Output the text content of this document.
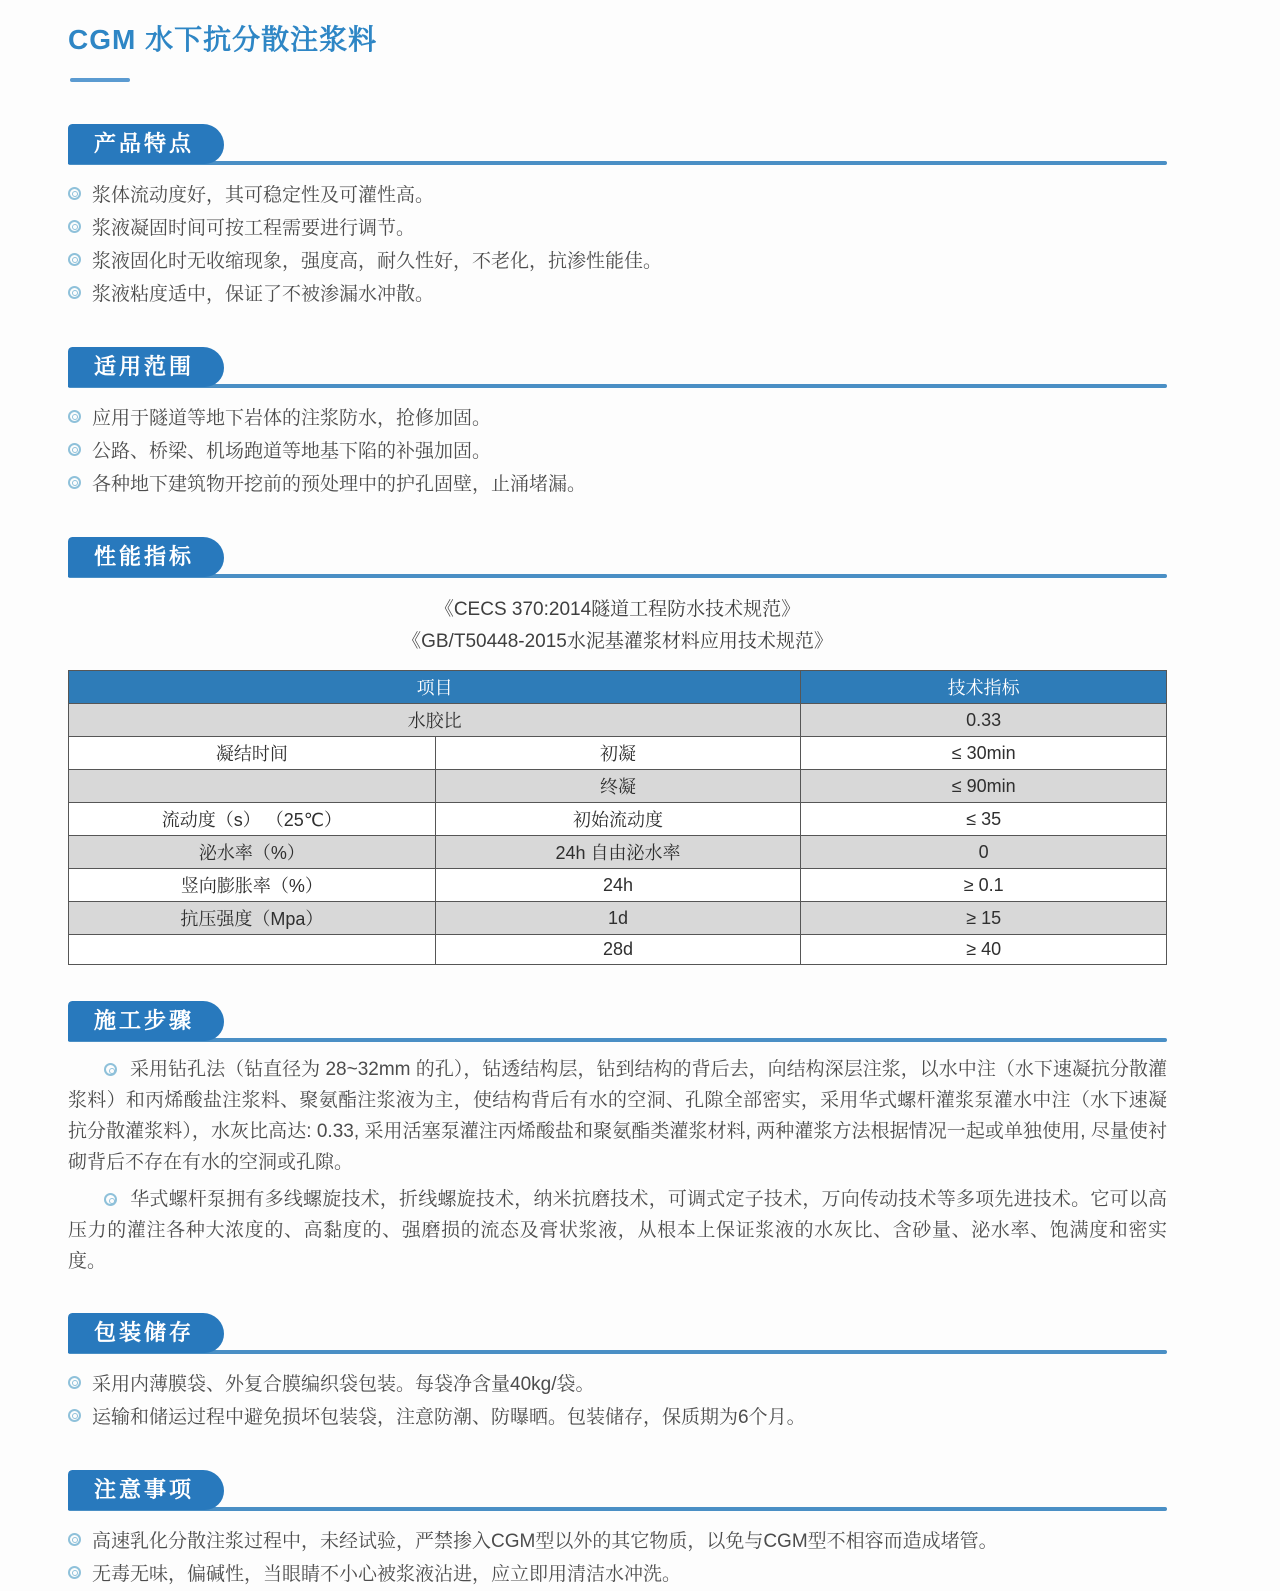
CGM 水下抗分散注浆料
产品特点
浆体流动度好，其可稳定性及可灌性高。
浆液凝固时间可按工程需要进行调节。
浆液固化时无收缩现象，强度高，耐久性好，不老化，抗渗性能佳。
浆液粘度适中，保证了不被渗漏水冲散。
适用范围
应用于隧道等地下岩体的注浆防水，抢修加固。
公路、桥梁、机场跑道等地基下陷的补强加固。
各种地下建筑物开挖前的预处理中的护孔固壁，止涌堵漏。
性能指标
《CECS 370:2014隧道工程防水技术规范》
《GB/T50448-2015水泥基灌浆材料应用技术规范》
项目		技术指标
水胶比		0.33
凝结时间	初凝	≤ 30min
	终凝	≤ 90min
流动度（s） （25℃）	初始流动度	≤ 35
泌水率（%）	24h 自由泌水率	0
竖向膨胀率（%）	24h	≥ 0.1
抗压强度（Mpa）	1d	≥ 15
	28d	≥ 40
施工步骤

采用钻孔法（钻直径为 28~32mm 的孔），钻透结构层，钻到结构的背后去，向结构深层注浆，以水中注（水下速凝抗分散灌浆料）和丙烯酸盐注浆料、聚氨酯注浆液为主，使结构背后有水的空洞、孔隙全部密实，采用华式螺杆灌浆泵灌水中注（水下速凝抗分散灌浆料），水灰比高达: 0.33, 采用活塞泵灌注丙烯酸盐和聚氨酯类灌浆材料, 两种灌浆方法根据情况一起或单独使用, 尽量使衬砌背后不存在有水的空洞或孔隙。

华式螺杆泵拥有多线螺旋技术，折线螺旋技术，纳米抗磨技术，可调式定子技术，万向传动技术等多项先进技术。它可以高压力的灌注各种大浓度的、高黏度的、强磨损的流态及膏状浆液，从根本上保证浆液的水灰比、含砂量、泌水率、饱满度和密实度。

包装储存
采用内薄膜袋、外复合膜编织袋包装。每袋净含量40kg/袋。
运输和储运过程中避免损坏包装袋，注意防潮、防曝晒。包装储存，保质期为6个月。
注意事项
高速乳化分散注浆过程中，未经试验，严禁掺入CGM型以外的其它物质，以免与CGM型不相容而造成堵管。
无毒无味，偏碱性，当眼睛不小心被浆液沾进，应立即用清洁水冲洗。
